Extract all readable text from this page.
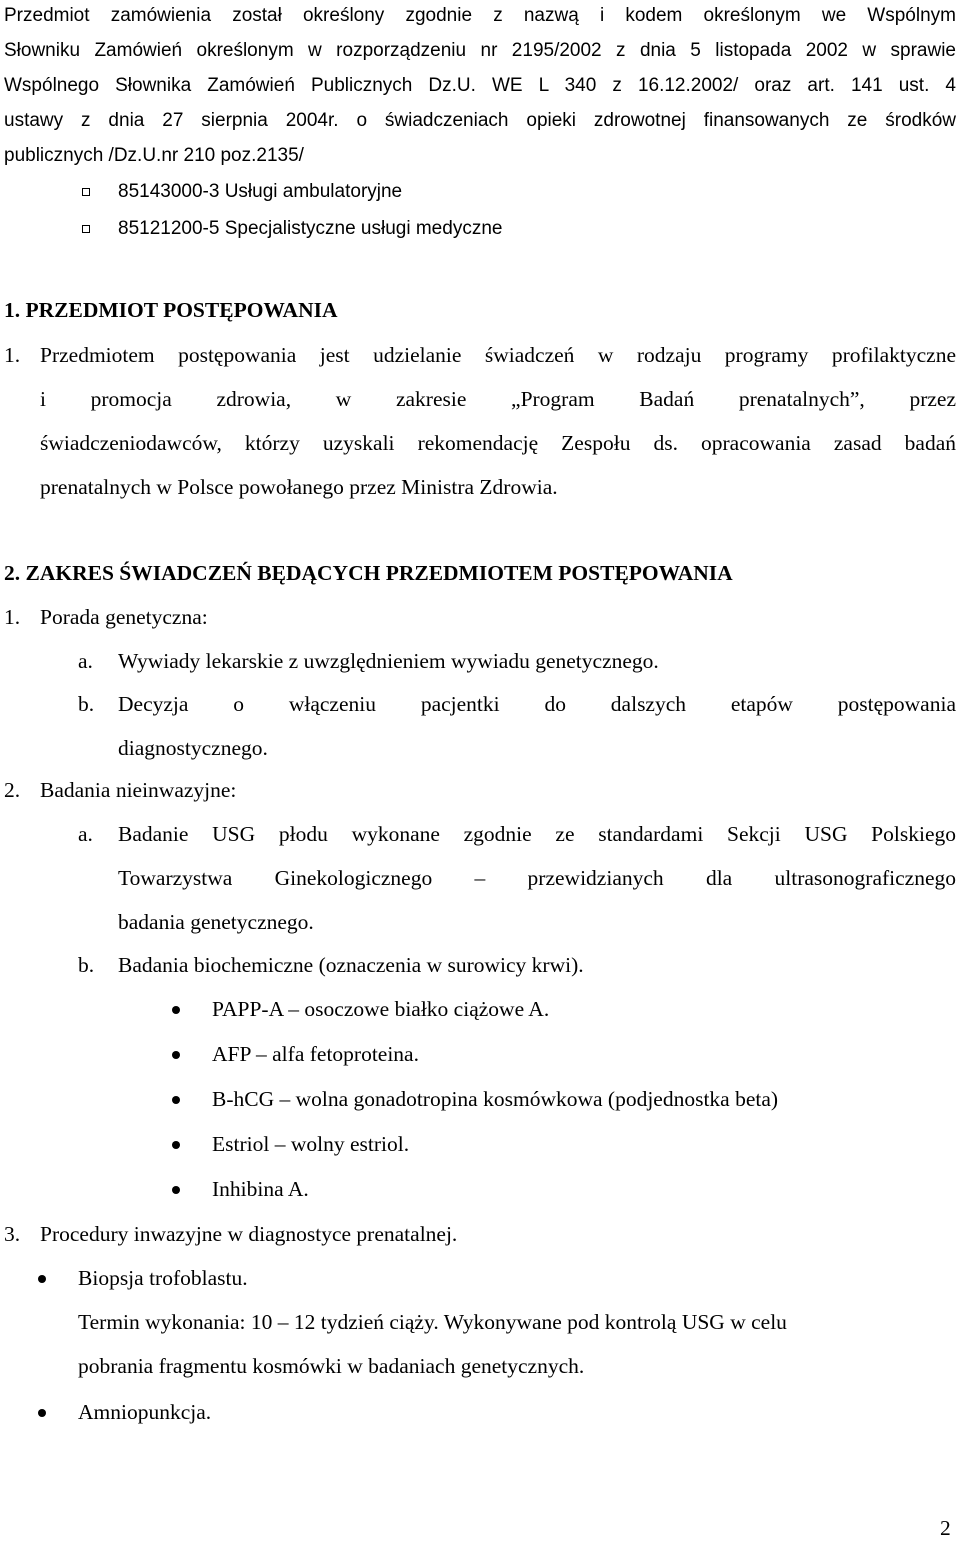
Przedmiot zamówienia został określony zgodnie z nazwą i kodem określonym we Wspólnym
Słowniku Zamówień określonym w rozporządzeniu nr 2195/2002 z dnia 5 listopada 2002 w sprawie
Wspólnego Słownika Zamówień Publicznych Dz.U. WE L 340 z 16.12.2002/ oraz art. 141 ust. 4
ustawy z dnia 27 sierpnia 2004r. o świadczeniach opieki zdrowotnej finansowanych ze środków
publicznych /Dz.U.nr 210 poz.2135/
85143000-3 Usługi ambulatoryjne
85121200-5 Specjalistyczne usługi medyczne
1. PRZEDMIOT POSTĘPOWANIA
1. Przedmiotem postępowania jest udzielanie świadczeń w rodzaju programy profilaktyczne
i promocja zdrowia, w zakresie „Program Badań prenatalnych”, przez
świadczeniodawców, którzy uzyskali rekomendację Zespołu ds. opracowania zasad badań
prenatalnych w Polsce powołanego przez Ministra Zdrowia.
2. ZAKRES ŚWIADCZEŃ BĘDĄCYCH PRZEDMIOTEM POSTĘPOWANIA
1. Porada genetyczna:
a. Wywiady lekarskie z uwzględnieniem wywiadu genetycznego.
b. Decyzja o włączeniu pacjentki do dalszych etapów postępowania
diagnostycznego.
2. Badania nieinwazyjne:
a. Badanie USG płodu wykonane zgodnie ze standardami Sekcji USG Polskiego
Towarzystwa Ginekologicznego – przewidzianych dla ultrasonograficznego
badania genetycznego.
b. Badania biochemiczne (oznaczenia w surowicy krwi).
PAPP-A – osoczowe białko ciążowe A.
AFP – alfa fetoproteina.
B-hCG – wolna gonadotropina kosmówkowa (podjednostka beta)
Estriol – wolny estriol.
Inhibina A.
3. Procedury inwazyjne w diagnostyce prenatalnej.
Biopsja trofoblastu.
Termin wykonania: 10 – 12 tydzień ciąży. Wykonywane pod kontrolą USG w celu
pobrania fragmentu kosmówki w badaniach genetycznych.
Amniopunkcja.
2
